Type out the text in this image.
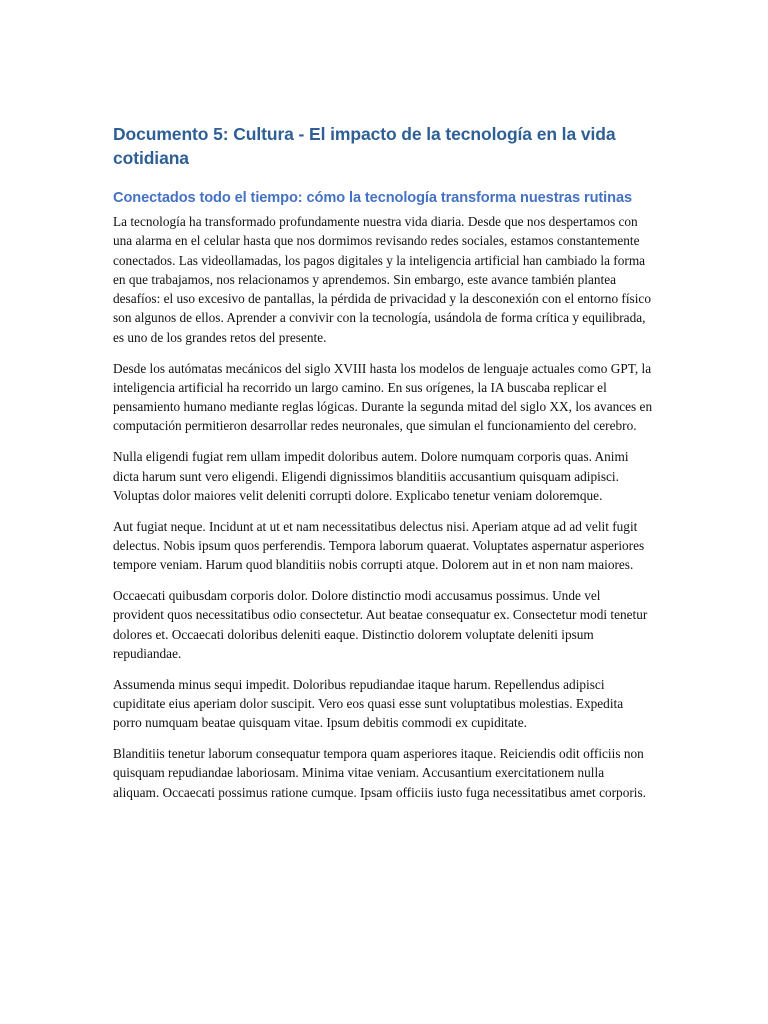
Documento 5: Cultura - El impacto de la tecnología en la vida cotidiana
Conectados todo el tiempo: cómo la tecnología transforma nuestras rutinas

La tecnología ha transformado profundamente nuestra vida diaria. Desde que nos despertamos con una alarma en el celular hasta que nos dormimos revisando redes sociales, estamos constantemente conectados. Las videollamadas, los pagos digitales y la inteligencia artificial han cambiado la forma en que trabajamos, nos relacionamos y aprendemos. Sin embargo, este avance también plantea desafíos: el uso excesivo de pantallas, la pérdida de privacidad y la desconexión con el entorno físico son algunos de ellos. Aprender a convivir con la tecnología, usándola de forma crítica y equilibrada, es uno de los grandes retos del presente.

Desde los autómatas mecánicos del siglo XVIII hasta los modelos de lenguaje actuales como GPT, la inteligencia artificial ha recorrido un largo camino. En sus orígenes, la IA buscaba replicar el pensamiento humano mediante reglas lógicas. Durante la segunda mitad del siglo XX, los avances en computación permitieron desarrollar redes neuronales, que simulan el funcionamiento del cerebro.

Nulla eligendi fugiat rem ullam impedit doloribus autem. Dolore numquam corporis quas. Animi dicta harum sunt vero eligendi. Eligendi dignissimos blanditiis accusantium quisquam adipisci. Voluptas dolor maiores velit deleniti corrupti dolore. Explicabo tenetur veniam doloremque.

Aut fugiat neque. Incidunt at ut et nam necessitatibus delectus nisi. Aperiam atque ad ad velit fugit delectus. Nobis ipsum quos perferendis. Tempora laborum quaerat. Voluptates aspernatur asperiores tempore veniam. Harum quod blanditiis nobis corrupti atque. Dolorem aut in et non nam maiores.

Occaecati quibusdam corporis dolor. Dolore distinctio modi accusamus possimus. Unde vel provident quos necessitatibus odio consectetur. Aut beatae consequatur ex. Consectetur modi tenetur dolores et. Occaecati doloribus deleniti eaque. Distinctio dolorem voluptate deleniti ipsum repudiandae.

Assumenda minus sequi impedit. Doloribus repudiandae itaque harum. Repellendus adipisci cupiditate eius aperiam dolor suscipit. Vero eos quasi esse sunt voluptatibus molestias. Expedita porro numquam beatae quisquam vitae. Ipsum debitis commodi ex cupiditate.

Blanditiis tenetur laborum consequatur tempora quam asperiores itaque. Reiciendis odit officiis non quisquam repudiandae laboriosam. Minima vitae veniam. Accusantium exercitationem nulla aliquam. Occaecati possimus ratione cumque. Ipsam officiis iusto fuga necessitatibus amet corporis.
